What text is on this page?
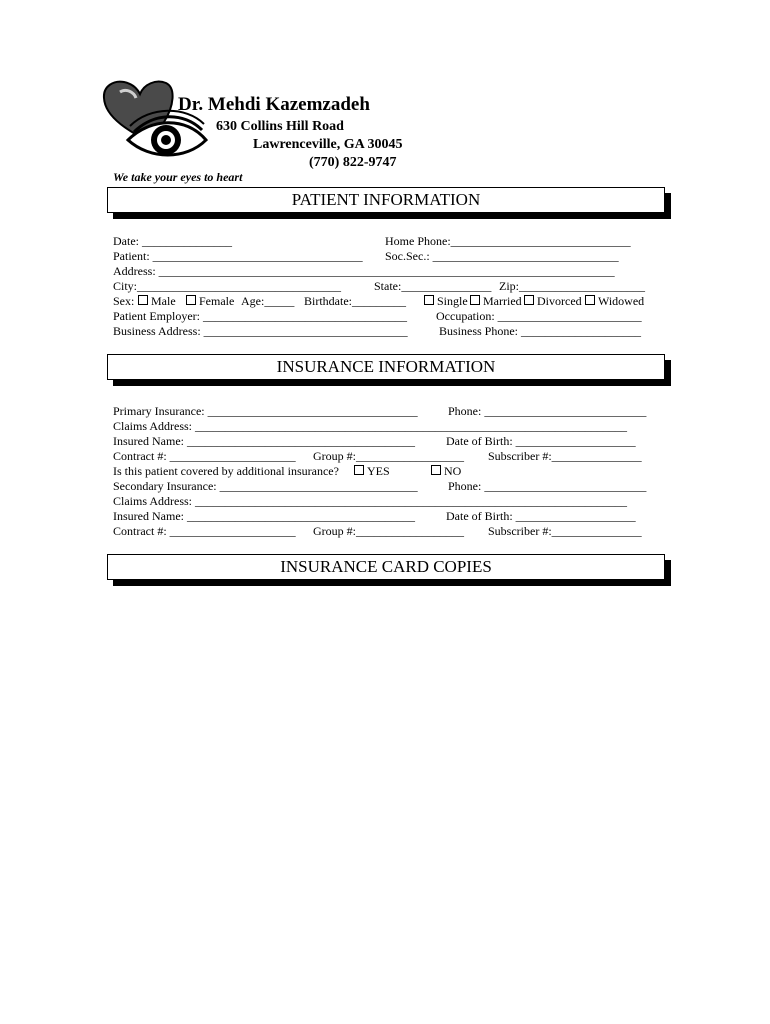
Dr. Mehdi Kazemzadeh
630 Collins Hill Road
Lawrenceville, GA 30045
(770) 822-9747
We take your eyes to heart
PATIENT INFORMATION
Date: _______________	Home Phone:______________________________
Patient: ___________________________________ Soc.Sec.: _______________________________
Address: ____________________________________________________________________________
City:__________________________________	State:_______________ Zip:_____________________
Sex:	Male	Female Age:_____ Birthdate:_________	Single	Married	Divorced	Widowed
Patient Employer: __________________________________ Occupation: ________________________
Business Address: __________________________________	Business Phone: ____________________
INSURANCE INFORMATION
Primary Insurance: ___________________________________	Phone: ___________________________
Claims Address: ________________________________________________________________________
Insured Name: ______________________________________	Date of Birth: ____________________
Contract #: _____________________ Group #:__________________ Subscriber #:_______________
Is this patient covered by additional insurance?	YES	NO
Secondary Insurance: _________________________________	Phone: ___________________________
Claims Address: ________________________________________________________________________
Insured Name: ______________________________________	Date of Birth: ____________________
Contract #: _____________________ Group #:__________________ Subscriber #:_______________
INSURANCE CARD COPIES
